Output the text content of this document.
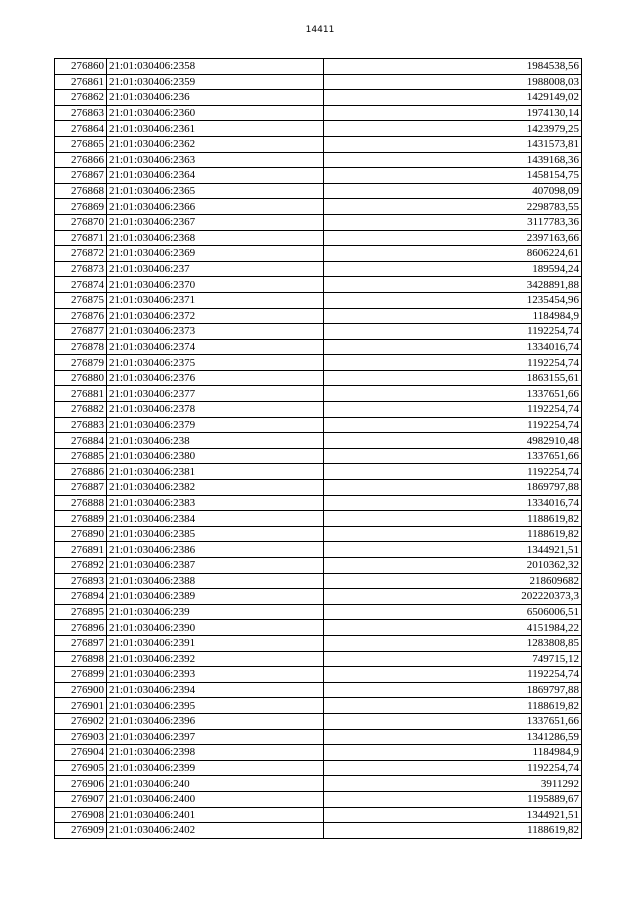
14411
276860	21:01:030406:2358	1984538,56
276861	21:01:030406:2359	1988008,03
276862	21:01:030406:236	1429149,02
276863	21:01:030406:2360	1974130,14
276864	21:01:030406:2361	1423979,25
276865	21:01:030406:2362	1431573,81
276866	21:01:030406:2363	1439168,36
276867	21:01:030406:2364	1458154,75
276868	21:01:030406:2365	407098,09
276869	21:01:030406:2366	2298783,55
276870	21:01:030406:2367	3117783,36
276871	21:01:030406:2368	2397163,66
276872	21:01:030406:2369	8606224,61
276873	21:01:030406:237	189594,24
276874	21:01:030406:2370	3428891,88
276875	21:01:030406:2371	1235454,96
276876	21:01:030406:2372	1184984,9
276877	21:01:030406:2373	1192254,74
276878	21:01:030406:2374	1334016,74
276879	21:01:030406:2375	1192254,74
276880	21:01:030406:2376	1863155,61
276881	21:01:030406:2377	1337651,66
276882	21:01:030406:2378	1192254,74
276883	21:01:030406:2379	1192254,74
276884	21:01:030406:238	4982910,48
276885	21:01:030406:2380	1337651,66
276886	21:01:030406:2381	1192254,74
276887	21:01:030406:2382	1869797,88
276888	21:01:030406:2383	1334016,74
276889	21:01:030406:2384	1188619,82
276890	21:01:030406:2385	1188619,82
276891	21:01:030406:2386	1344921,51
276892	21:01:030406:2387	2010362,32
276893	21:01:030406:2388	218609682
276894	21:01:030406:2389	202220373,3
276895	21:01:030406:239	6506006,51
276896	21:01:030406:2390	4151984,22
276897	21:01:030406:2391	1283808,85
276898	21:01:030406:2392	749715,12
276899	21:01:030406:2393	1192254,74
276900	21:01:030406:2394	1869797,88
276901	21:01:030406:2395	1188619,82
276902	21:01:030406:2396	1337651,66
276903	21:01:030406:2397	1341286,59
276904	21:01:030406:2398	1184984,9
276905	21:01:030406:2399	1192254,74
276906	21:01:030406:240	3911292
276907	21:01:030406:2400	1195889,67
276908	21:01:030406:2401	1344921,51
276909	21:01:030406:2402	1188619,82
